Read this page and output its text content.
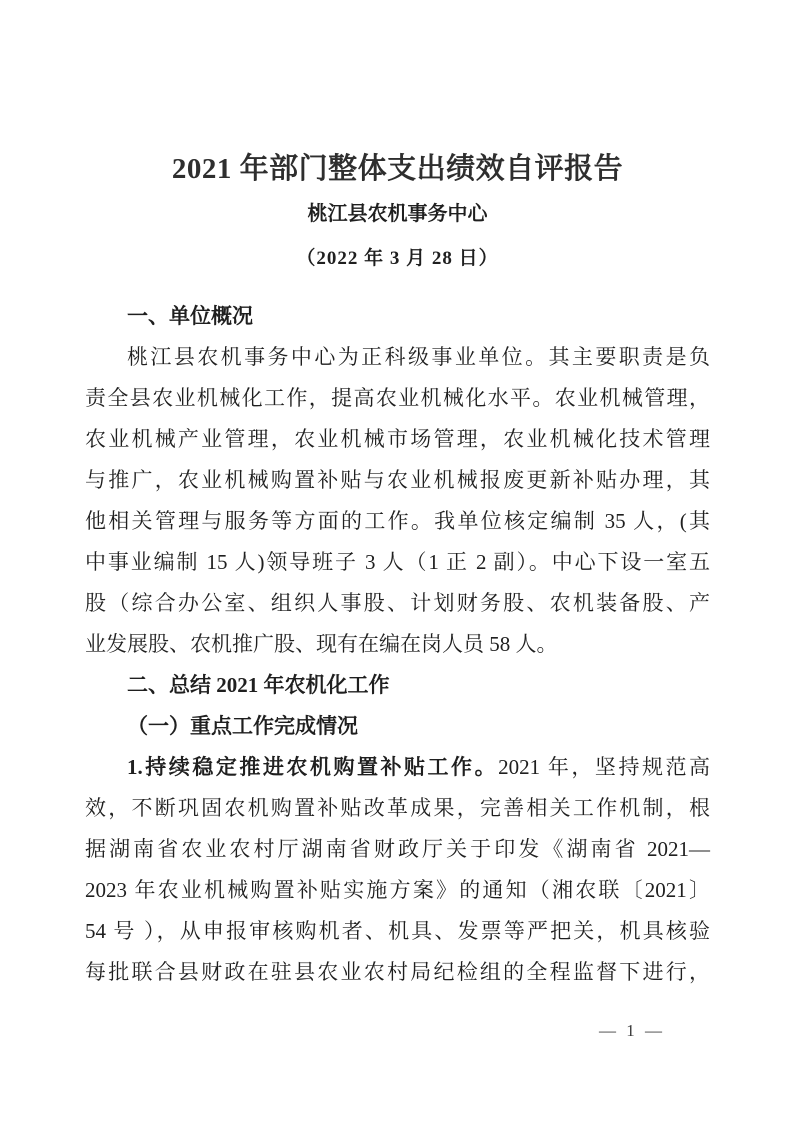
2021 年部门整体支出绩效自评报告
桃江县农机事务中心
（2022 年 3 月 28 日）
一、单位概况
桃江县农机事务中心为正科级事业单位。其主要职责是负
责全县农业机械化工作，提高农业机械化水平。农业机械管理，
农业机械产业管理，农业机械市场管理，农业机械化技术管理
与推广，农业机械购置补贴与农业机械报废更新补贴办理，其
他相关管理与服务等方面的工作。我单位核定编制 35 人，(其
中事业编制 15 人)领导班子 3 人（1 正 2 副）。中心下设一室五
股（综合办公室、组织人事股、计划财务股、农机装备股、产
业发展股、农机推广股、现有在编在岗人员 58 人。
二、总结 2021 年农机化工作
（一）重点工作完成情况
1.持续稳定推进农机购置补贴工作。2021 年，坚持规范高
效，不断巩固农机购置补贴改革成果，完善相关工作机制，根
据湖南省农业农村厅湖南省财政厅关于印发《湖南省 2021—
2023 年农业机械购置补贴实施方案》的通知（湘农联〔2021〕
54 号 ），从申报审核购机者、机具、发票等严把关，机具核验
每批联合县财政在驻县农业农村局纪检组的全程监督下进行，
— 1 —
